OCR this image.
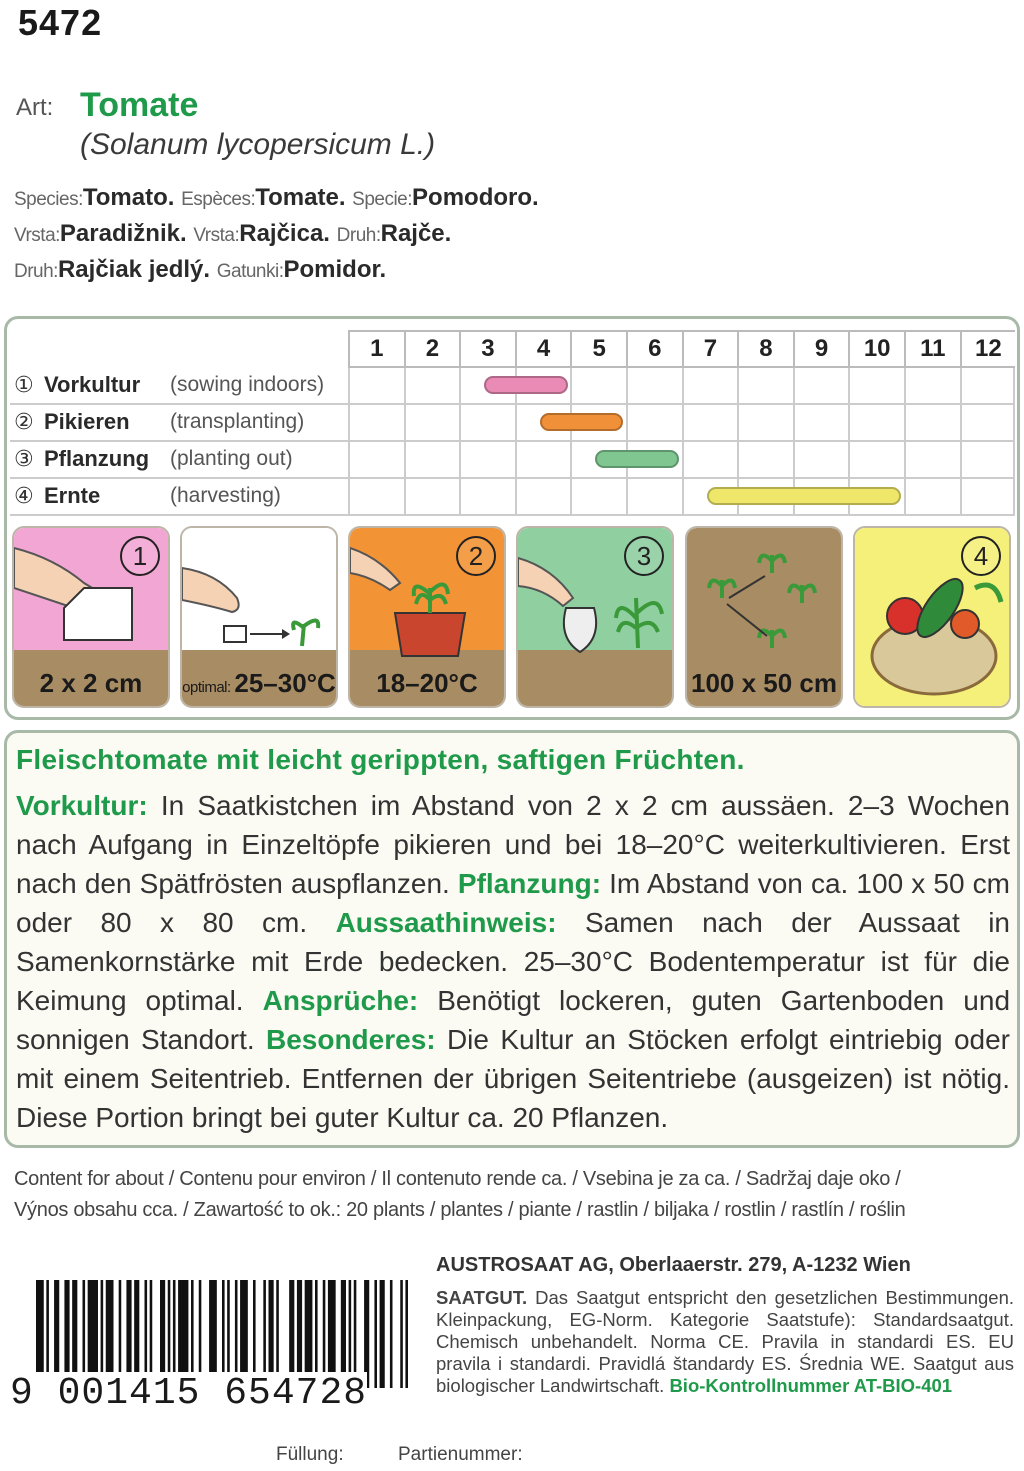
5472
Art: Tomate
(Solanum lycopersicum L.)
Species:Tomato. Espèces:Tomate. Specie:Pomodoro.
Vrsta:Paradižnik. Vrsta:Rajčica. Druh:Rajče.
Druh:Rajčiak jedlý. Gatunki:Pomidor.
1	2	3	4	5	6	7	8	9	10	11	12
① Vorkultur (sowing indoors)
② Pikieren (transplanting)
③ Pflanzung (planting out)
④ Ernte	(harvesting)
1
2 x 2 cm	optimal: 25–30°C
2
18–20°C
3
100 x 50 cm
4
Fleischtomate mit leicht gerippten, saftigen Früchten.
Vorkultur: In Saatkistchen im Abstand von 2 x 2 cm aussäen. 2–3 Wochen nach Aufgang in Einzeltöpfe pikieren und bei 18–20°C weiterkultivieren. Erst nach den Spätfrösten auspflanzen. Pflanzung: Im Abstand von ca. 100 x 50 cm oder 80 x 80 cm. Aussaathinweis: Samen nach der Aussaat in Samenkornstärke mit Erde bedecken. 25–30°C Bodentemperatur ist für die Keimung optimal. Ansprüche: Benötigt lockeren, guten Gartenboden und sonnigen Standort. Besonderes: Die Kultur an Stöcken erfolgt eintriebig oder mit einem Seitentrieb. Entfernen der übrigen Seitentriebe (ausgeizen) ist nötig. Diese Portion bringt bei guter Kultur ca. 20 Pflanzen.
Content for about / Contenu pour environ / Il contenuto rende ca. / Vsebina je za ca. / Sadržaj daje oko /
Výnos obsahu cca. / Zawartość to ok.: 20 plants / plantes / piante / rastlin / biljaka / rostlin / rastlín / roślin
9 001415 654728
AUSTROSAAT AG, Oberlaaerstr. 279, A-1232 Wien
SAATGUT. Das Saatgut entspricht den gesetzlichen Bestimmungen. Kleinpackung, EG-Norm. Kategorie Saatstufe): Standardsaatgut. Chemisch unbehandelt. Norma CE. Pravila in standardi ES. EU pravila i standardi. Pravidlá štandardy ES. Średnia WE. Saatgut aus biologischer Landwirtschaft. Bio-Kontrollnummer AT-BIO-401
Füllung:	Partienummer:
